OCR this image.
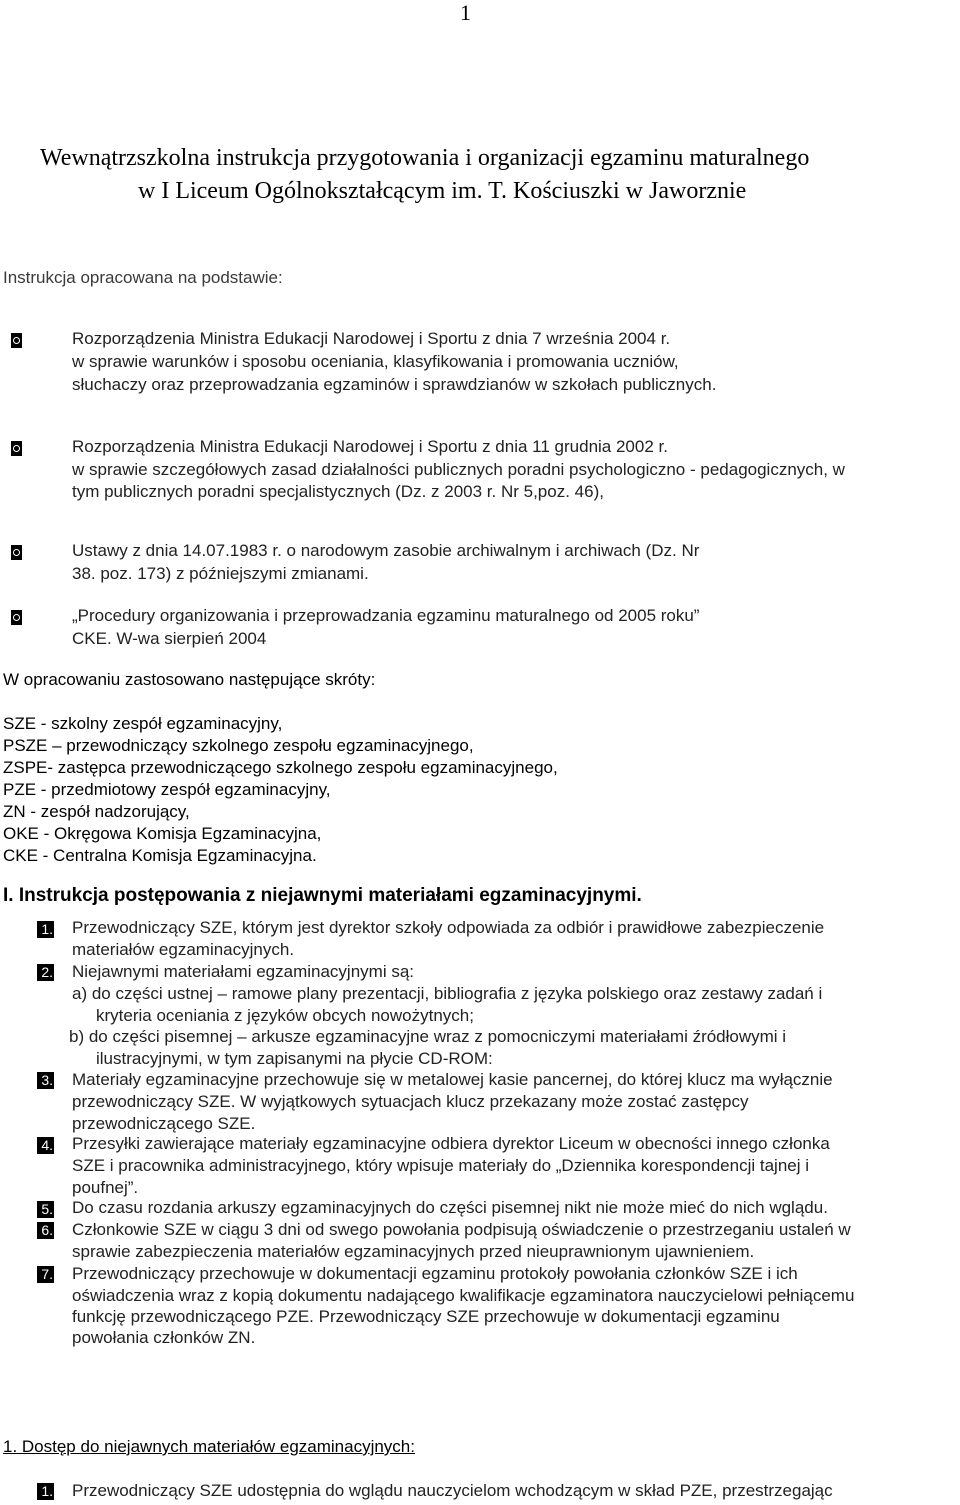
1
Wewnątrzszkolna instrukcja przygotowania i organizacji egzaminu maturalnego
w I Liceum Ogólnokształcącym im. T. Kościuszki w Jaworznie
Instrukcja opracowana na podstawie:
Rozporządzenia Ministra Edukacji Narodowej i Sportu z dnia 7 września 2004 r.
w sprawie warunków i sposobu oceniania, klasyfikowania i promowania uczniów,
słuchaczy oraz przeprowadzania egzaminów i sprawdzianów w szkołach publicznych.
Rozporządzenia Ministra Edukacji Narodowej i Sportu z dnia 11 grudnia 2002 r.
w sprawie szczegółowych zasad działalności publicznych poradni psychologiczno - pedagogicznych, w
tym publicznych poradni specjalistycznych (Dz. z 2003 r. Nr 5,poz. 46),
Ustawy z dnia 14.07.1983 r. o narodowym zasobie archiwalnym i archiwach (Dz. Nr
38. poz. 173) z późniejszymi zmianami.
„Procedury organizowania i przeprowadzania egzaminu maturalnego od 2005 roku”
CKE. W-wa sierpień 2004
W opracowaniu zastosowano następujące skróty:
SZE - szkolny zespół egzaminacyjny,
PSZE – przewodniczący szkolnego zespołu egzaminacyjnego,
ZSPE- zastępca przewodniczącego szkolnego zespołu egzaminacyjnego,
PZE - przedmiotowy zespół egzaminacyjny,
ZN - zespół nadzorujący,
OKE - Okręgowa Komisja Egzaminacyjna,
CKE - Centralna Komisja Egzaminacyjna.
I. Instrukcja postępowania z niejawnymi materiałami egzaminacyjnymi.
1. Przewodniczący SZE, którym jest dyrektor szkoły odpowiada za odbiór i prawidłowe zabezpieczenie
materiałów egzaminacyjnych.
2. Niejawnymi materiałami egzaminacyjnymi są:
a) do części ustnej – ramowe plany prezentacji, bibliografia z języka polskiego oraz zestawy zadań i
kryteria oceniania z języków obcych nowożytnych;
b) do części pisemnej – arkusze egzaminacyjne wraz z pomocniczymi materiałami źródłowymi i
ilustracyjnymi, w tym zapisanymi na płycie CD-ROM:
3. Materiały egzaminacyjne przechowuje się w metalowej kasie pancernej, do której klucz ma wyłącznie
przewodniczący SZE. W wyjątkowych sytuacjach klucz przekazany może zostać zastępcy
przewodniczącego SZE.
4. Przesyłki zawierające materiały egzaminacyjne odbiera dyrektor Liceum w obecności innego członka
SZE i pracownika administracyjnego, który wpisuje materiały do „Dziennika korespondencji tajnej i
poufnej”.
5. Do czasu rozdania arkuszy egzaminacyjnych do części pisemnej nikt nie może mieć do nich wglądu.
6. Członkowie SZE w ciągu 3 dni od swego powołania podpisują oświadczenie o przestrzeganiu ustaleń w
sprawie zabezpieczenia materiałów egzaminacyjnych przed nieuprawnionym ujawnieniem.
7. Przewodniczący przechowuje w dokumentacji egzaminu protokoły powołania członków SZE i ich
oświadczenia wraz z kopią dokumentu nadającego kwalifikacje egzaminatora nauczycielowi pełniącemu
funkcję przewodniczącego PZE. Przewodniczący SZE przechowuje w dokumentacji egzaminu
powołania członków ZN.
1. Dostęp do niejawnych materiałów egzaminacyjnych:
1. Przewodniczący SZE udostępnia do wglądu nauczycielom wchodzącym w skład PZE, przestrzegając
